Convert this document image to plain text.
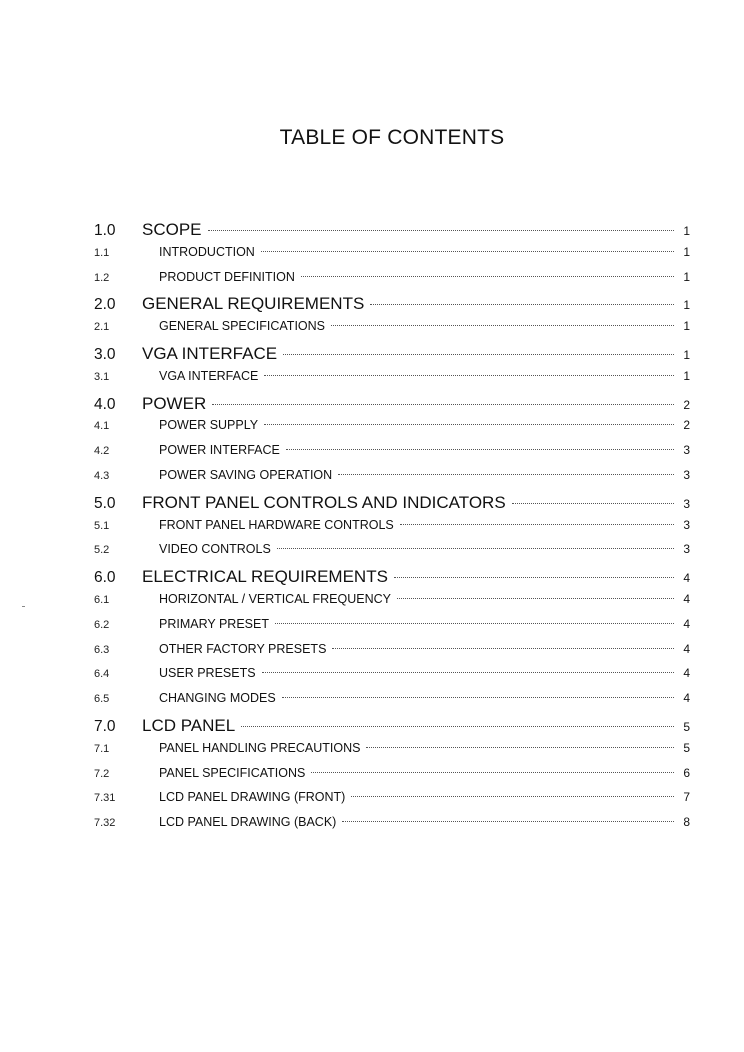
TABLE OF CONTENTS
1.0	SCOPE	1
1.1	INTRODUCTION	1
1.2	PRODUCT DEFINITION	1
2.0	GENERAL REQUIREMENTS	1
2.1	GENERAL SPECIFICATIONS	1
3.0	VGA INTERFACE	1
3.1	VGA INTERFACE	1
4.0	POWER	2
4.1	POWER SUPPLY	2
4.2	POWER INTERFACE	3
4.3	POWER SAVING OPERATION	3
5.0	FRONT PANEL CONTROLS AND INDICATORS	3
5.1	FRONT PANEL HARDWARE CONTROLS	3
5.2	VIDEO CONTROLS	3
6.0	ELECTRICAL REQUIREMENTS	4
6.1	HORIZONTAL / VERTICAL FREQUENCY	4
6.2	PRIMARY PRESET	4
6.3	OTHER FACTORY PRESETS	4
6.4	USER PRESETS	4
6.5	CHANGING MODES	4
7.0	LCD PANEL	5
7.1	PANEL HANDLING PRECAUTIONS	5
7.2	PANEL SPECIFICATIONS	6
7.31	LCD PANEL DRAWING (FRONT)	7
7.32	LCD PANEL DRAWING (BACK)	8
